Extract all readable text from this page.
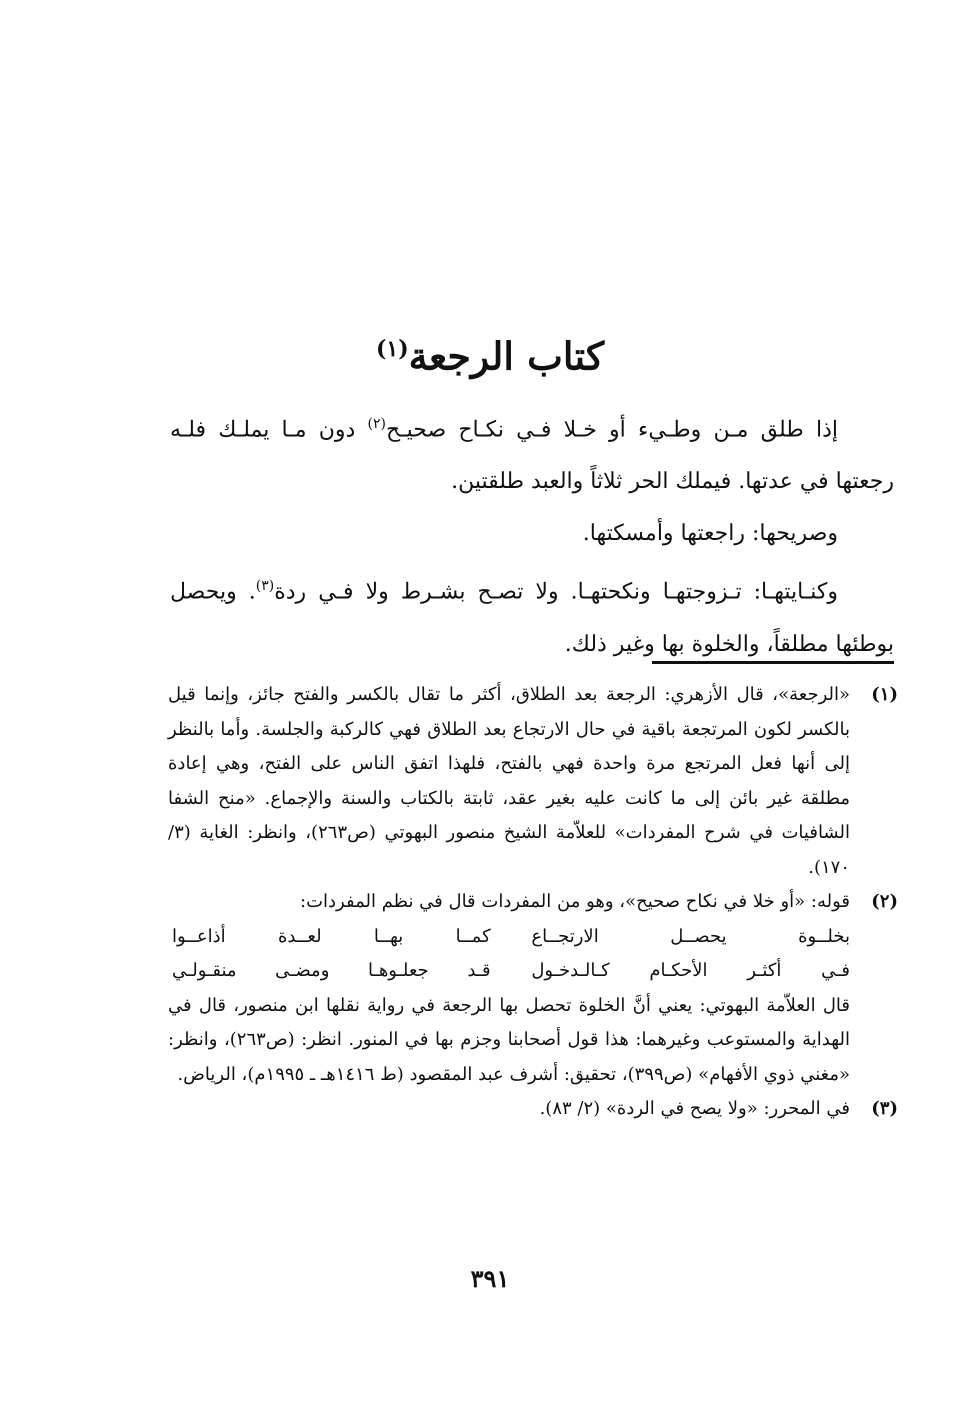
كتاب الرجعة$^{(١)}$

إذا طلق مـن وطـيء أو خـلا فـي نكـاح صحيـح$^{(٢)}$ دون مـا يملـك فلـه رجعتها في عدتها. فيملك الحر ثلاثاً والعبد طلقتين.

وصريحها: راجعتها وأمسكتها.

وكنـايتهـا: تـزوجتهـا ونكحتهـا. ولا تصـح بشـرط ولا فـي ردة$^{(٣)}$. ويحصل بوطئها مطلقاً، والخلوة بها وغير ذلك.

(١)
«الرجعة»، قال الأزهري: الرجعة بعد الطلاق، أكثر ما تقال بالكسر والفتح جائز، وإنما قيل بالكسر لكون المرتجعة باقية في حال الارتجاع بعد الطلاق فهي كالركبة والجلسة. وأما بالنظر إلى أنها فعل المرتجع مرة واحدة فهي بالفتح، فلهذا اتفق الناس على الفتح، وهي إعادة مطلقة غير بائن إلى ما كانت عليه بغير عقد، ثابتة بالكتاب والسنة والإجماع. «منح الشفا الشافيات في شرح المفردات» للعلاّمة الشيخ منصور البهوتي (ص٢٦٣)، وانظر: الغاية (٣/ ١٧٠).
(٢)

قوله: «أو خلا في نكاح صحيح»، وهو من المفردات قال في نظم المفردات:

بخلــوة يحصــل الارتجــاع
كمــا بهــا لعــدة أذاعــوا
فـي أكثـر الأحكـام كـالـدخـول
قـد جعلـوهـا ومضـى منقـولـي

قال العلاّمة البهوتي: يعني أنَّ الخلوة تحصل بها الرجعة في رواية نقلها ابن منصور، قال في الهداية والمستوعب وغيرهما: هذا قول أصحابنا وجزم بها في المنور. انظر: (ص٢٦٣)، وانظر: «مغني ذوي الأفهام» (ص٣٩٩)، تحقيق: أشرف عبد المقصود (ط ١٤١٦هـ ـ ١٩٩٥م)، الرياض.

(٣)
في المحرر: «ولا يصح في الردة» (٢/ ٨٣).
٣٩١
